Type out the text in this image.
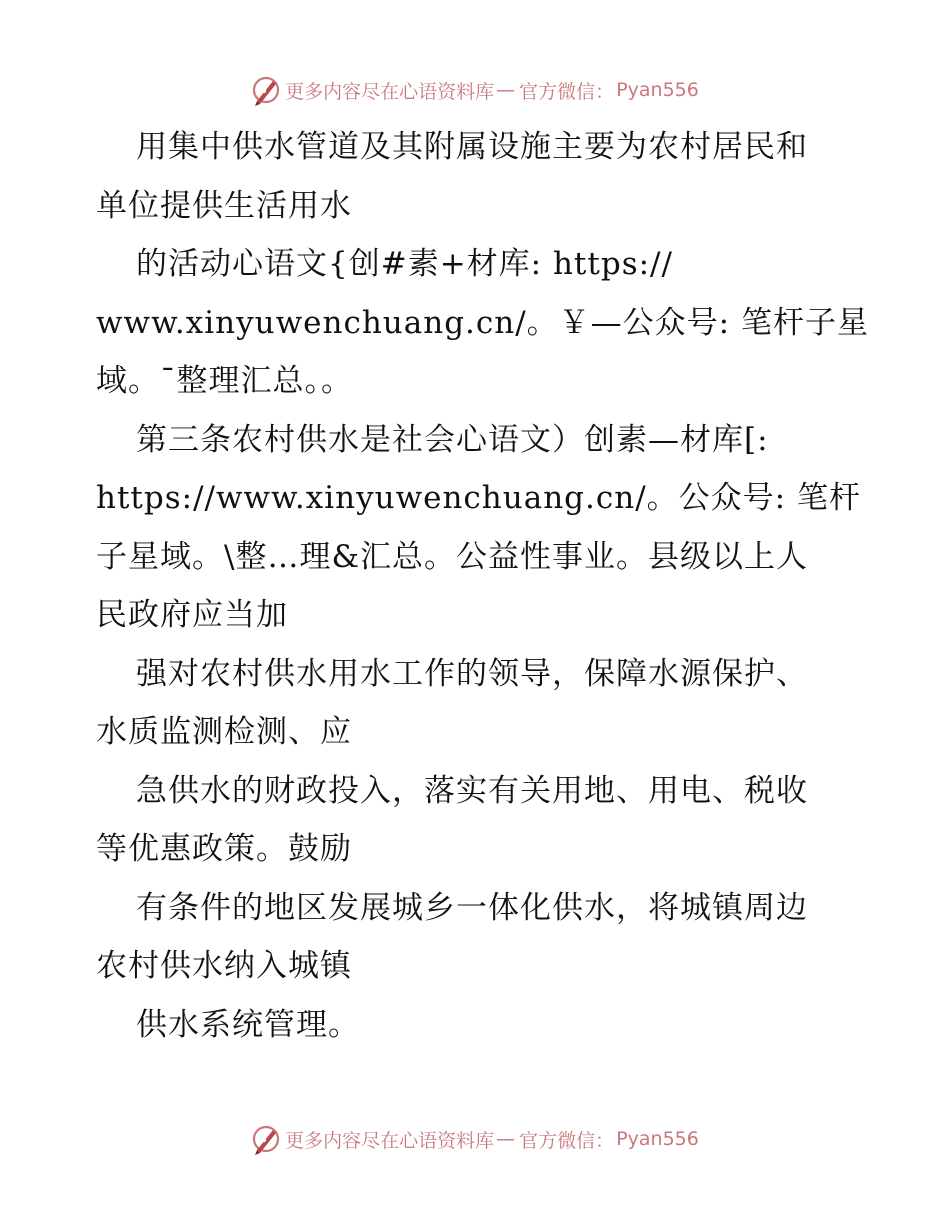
更多内容尽在心语资料库 — 官方微信： Pyan556
用集中供水管道及其附属设施主要为农村居民和
单位提供生活用水
的活动心语文{创#素+材库: https://
www.xinyuwenchuang.cn/。￥—公众号: 笔杆子星
域。¯整理汇总。。
第三条农村供水是社会心语文）创素—材库[:
https://www.xinyuwenchuang.cn/。公众号: 笔杆
子星域。\整…理&汇总。公益性事业。县级以上人
民政府应当加
强对农村供水用水工作的领导，保障水源保护、
水质监测检测、应
急供水的财政投入，落实有关用地、用电、税收
等优惠政策。鼓励
有条件的地区发展城乡一体化供水，将城镇周边
农村供水纳入城镇
供水系统管理。
更多内容尽在心语资料库 — 官方微信： Pyan556
